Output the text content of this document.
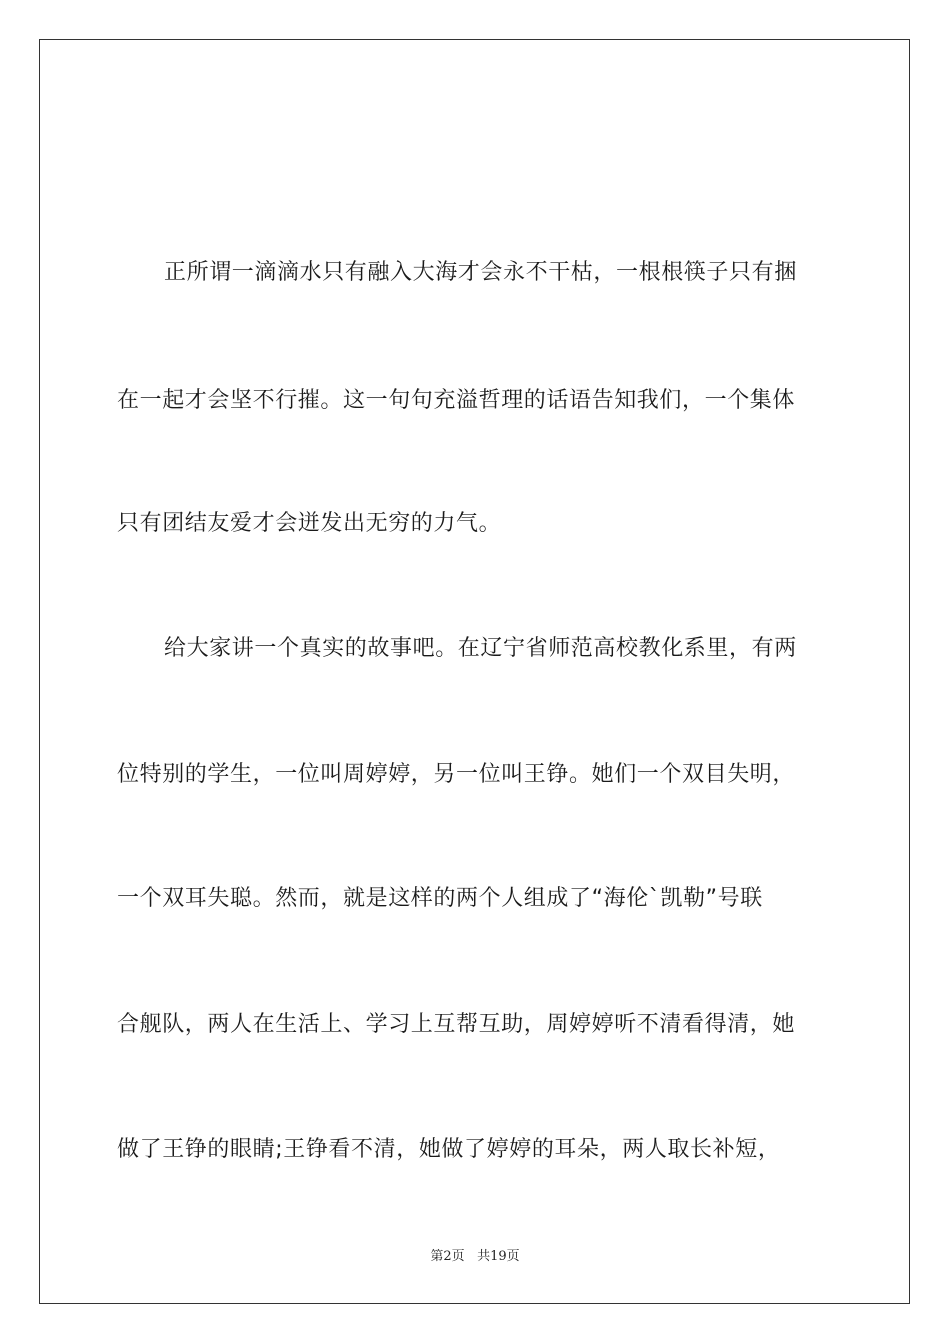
正所谓一滴滴水只有融入大海才会永不干枯，一根根筷子只有捆
在一起才会坚不行摧。这一句句充溢哲理的话语告知我们，一个集体
只有团结友爱才会迸发出无穷的力气。
给大家讲一个真实的故事吧。在辽宁省师范高校教化系里，有两
位特别的学生，一位叫周婷婷，另一位叫王铮。她们一个双目失明，
一个双耳失聪。然而，就是这样的两个人组成了“海伦`凯勒”号联
合舰队，两人在生活上、学习上互帮互助，周婷婷听不清看得清，她
做了王铮的眼睛;王铮看不清，她做了婷婷的耳朵，两人取长补短，
第2页 共19页
